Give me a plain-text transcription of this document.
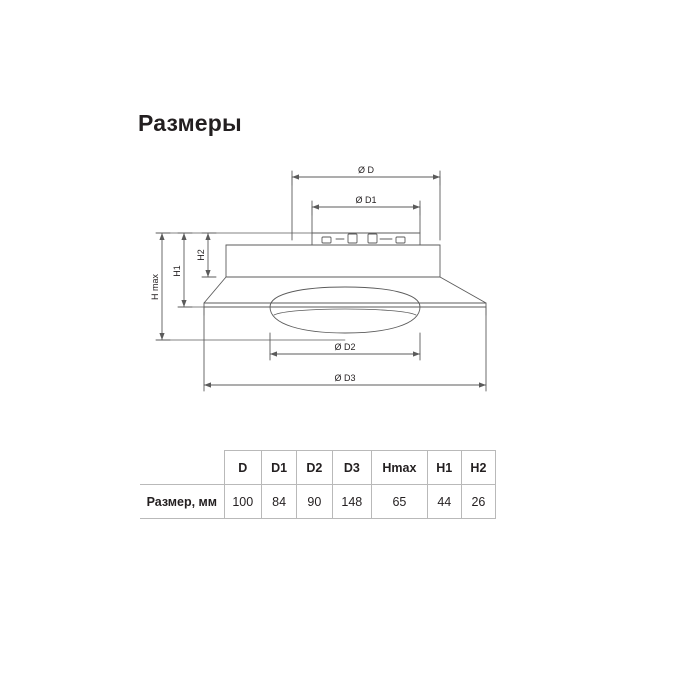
Размеры
Ø D
Ø D1
Ø D2
Ø D3
H max
H1
H2
	D	D1	D2	D3	Hmax	H1	H2
Размер, мм	100	84	90	148	65	44	26
